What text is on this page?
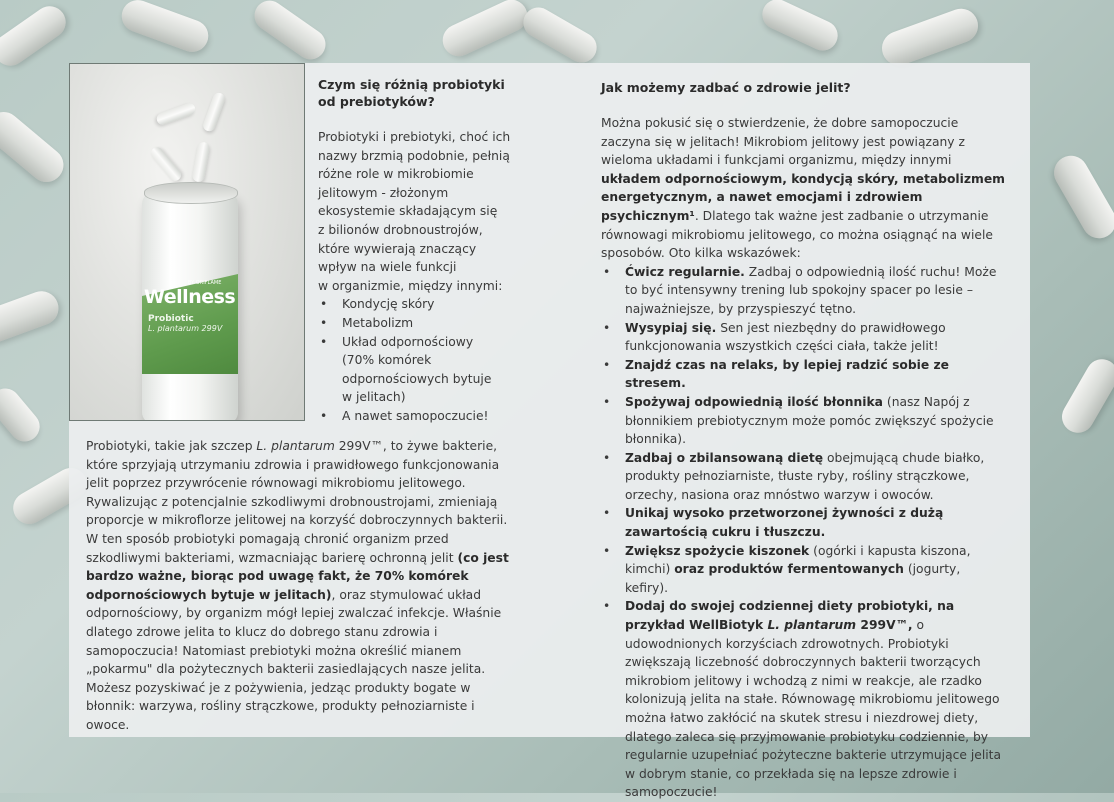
Wellness
BY ORIFLAME
Probiotic
L. plantarum 299V
Czym się różnią probiotyki
od prebiotyków?
Probiotyki i prebiotyki, choć ich
nazwy brzmią podobnie, pełnią
różne role w mikrobiomie
jelitowym - złożonym
ekosystemie składającym się
z bilionów drobnoustrojów,
które wywierają znaczący
wpływ na wiele funkcji
w organizmie, między innymi:
• Kondycję skóry
• Metabolizm
• Układ odpornościowy (70% komórek odpornościowych bytuje w jelitach)
• A nawet samopoczucie!

Probiotyki, takie jak szczep L. plantarum 299V™, to żywe bakterie, które sprzyjają utrzymaniu zdrowia i prawidłowego funkcjonowania jelit poprzez przywrócenie równowagi mikrobiomu jelitowego.

Rywalizując z potencjalnie szkodliwymi drobnoustrojami, zmieniają proporcje w mikroflorze jelitowej na korzyść dobroczynnych bakterii.

W ten sposób probiotyki pomagają chronić organizm przed szkodliwymi bakteriami, wzmacniając barierę ochronną jelit (co jest bardzo ważne, biorąc pod uwagę fakt, że 70% komórek odpornościowych bytuje w jelitach), oraz stymulować układ odpornościowy, by organizm mógł lepiej zwalczać infekcje. Właśnie dlatego zdrowe jelita to klucz do dobrego stanu zdrowia i samopoczucia! Natomiast prebiotyki można określić mianem „pokarmu" dla pożytecznych bakterii zasiedlających nasze jelita. Możesz pozyskiwać je z pożywienia, jedząc produkty bogate w błonnik: warzywa, rośliny strączkowe, produkty pełnoziarniste i owoce.

Jak możemy zadbać o zdrowie jelit?

Można pokusić się o stwierdzenie, że dobre samopoczucie zaczyna się w jelitach! Mikrobiom jelitowy jest powiązany z wieloma układami i funkcjami organizmu, między innymi układem odpornościowym, kondycją skóry, metabolizmem energetycznym, a nawet emocjami i zdrowiem psychicznym¹. Dlatego tak ważne jest zadbanie o utrzymanie równowagi mikrobiomu jelitowego, co można osiągnąć na wiele sposobów. Oto kilka wskazówek:

• Ćwicz regularnie. Zadbaj o odpowiednią ilość ruchu! Może to być intensywny trening lub spokojny spacer po lesie – najważniejsze, by przyspieszyć tętno.
• Wysypiaj się. Sen jest niezbędny do prawidłowego funkcjonowania wszystkich części ciała, także jelit!
• Znajdź czas na relaks, by lepiej radzić sobie ze stresem.
• Spożywaj odpowiednią ilość błonnika (nasz Napój z błonnikiem prebiotycznym może pomóc zwiększyć spożycie błonnika).
• Zadbaj o zbilansowaną dietę obejmującą chude białko, produkty pełnoziarniste, tłuste ryby, rośliny strączkowe, orzechy, nasiona oraz mnóstwo warzyw i owoców.
• Unikaj wysoko przetworzonej żywności z dużą zawartością cukru i tłuszczu.
• Zwiększ spożycie kiszonek (ogórki i kapusta kiszona, kimchi) oraz produktów fermentowanych (jogurty, kefiry).
• Dodaj do swojej codziennej diety probiotyki, na przykład WellBiotyk L. plantarum 299V™, o udowodnionych korzyściach zdrowotnych. Probiotyki zwiększają liczebność dobroczynnych bakterii tworzących mikrobiom jelitowy i wchodzą z nimi w reakcje, ale rzadko kolonizują jelita na stałe. Równowagę mikrobiomu jelitowego można łatwo zakłócić na skutek stresu i niezdrowej diety, dlatego zaleca się przyjmowanie probiotyku codziennie, by regularnie uzupełniać pożyteczne bakterie utrzymujące jelita w dobrym stanie, co przekłada się na lepsze zdrowie i samopoczucie!
